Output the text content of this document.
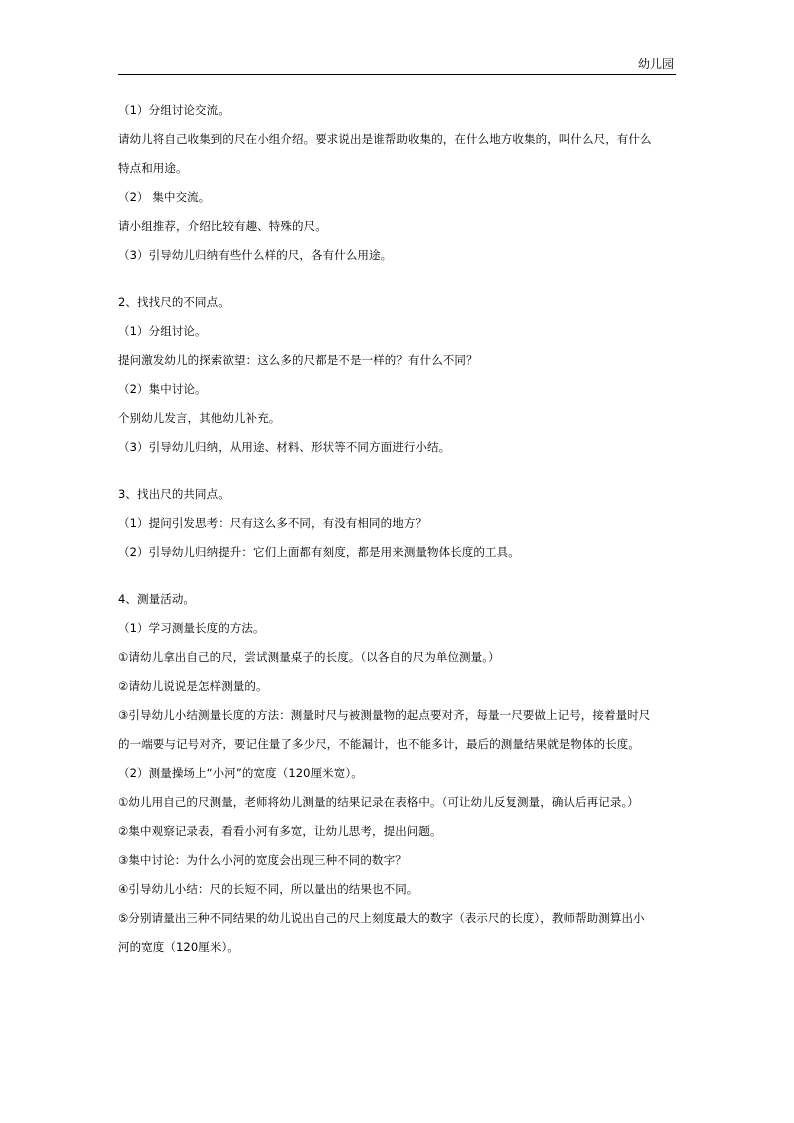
幼儿园
（1）分组讨论交流。
请幼儿将自己收集到的尺在小组介绍。要求说出是谁帮助收集的，在什么地方收集的，叫什么尺，有什么
特点和用途。
（2） 集中交流。
请小组推荐，介绍比较有趣、特殊的尺。
（3）引导幼儿归纳有些什么样的尺，各有什么用途。
2、找找尺的不同点。
（1）分组讨论。
提问激发幼儿的探索欲望：这么多的尺都是不是一样的？有什么不同？
（2）集中讨论。
个别幼儿发言，其他幼儿补充。
（3）引导幼儿归纳，从用途、材料、形状等不同方面进行小结。
3、找出尺的共同点。
（1）提问引发思考：尺有这么多不同，有没有相同的地方？
（2）引导幼儿归纳提升：它们上面都有刻度，都是用来测量物体长度的工具。
4、测量活动。
（1）学习测量长度的方法。
①请幼儿拿出自己的尺，尝试测量桌子的长度。（以各自的尺为单位测量。）
②请幼儿说说是怎样测量的。
③引导幼儿小结测量长度的方法：测量时尺与被测量物的起点要对齐，每量一尺要做上记号，接着量时尺
的一端要与记号对齐，要记住量了多少尺，不能漏计，也不能多计，最后的测量结果就是物体的长度。
（2）测量操场上“小河”的宽度（120厘米宽）。
①幼儿用自己的尺测量，老师将幼儿测量的结果记录在表格中。（可让幼儿反复测量，确认后再记录。）
②集中观察记录表，看看小河有多宽，让幼儿思考，提出问题。
③集中讨论：为什么小河的宽度会出现三种不同的数字？
④引导幼儿小结：尺的长短不同，所以量出的结果也不同。
⑤分别请量出三种不同结果的幼儿说出自己的尺上刻度最大的数字（表示尺的长度），教师帮助测算出小
河的宽度（120厘米）。
